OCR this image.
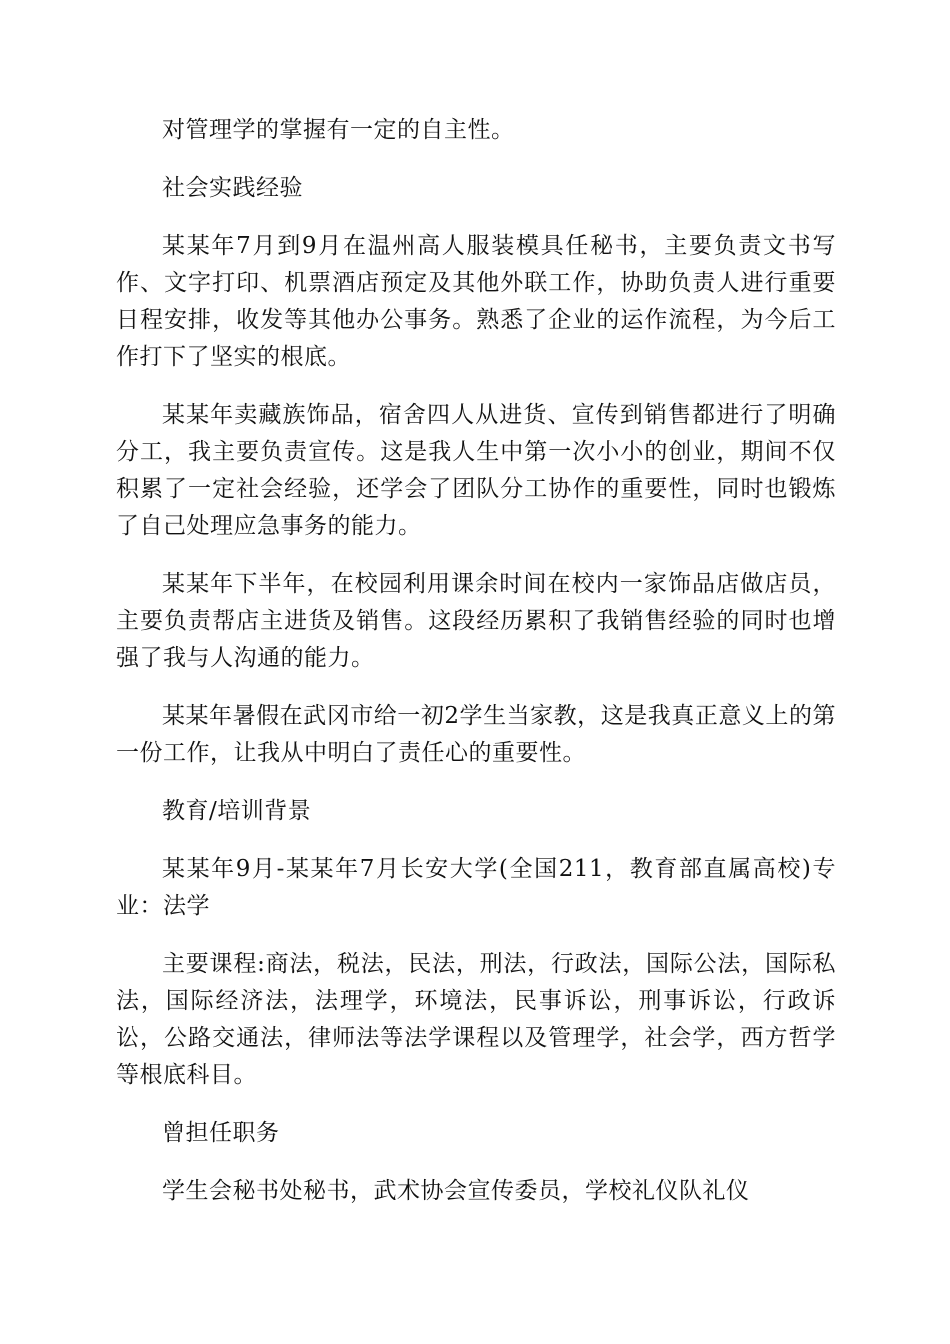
对管理学的掌握有一定的自主性。

社会实践经验

某某年7月到9月在温州高人服装模具任秘书，主要负责文书写作、文字打印、机票酒店预定及其他外联工作，协助负责人进行重要日程安排，收发等其他办公事务。熟悉了企业的运作流程，为今后工作打下了坚实的根底。

某某年卖藏族饰品，宿舍四人从进货、宣传到销售都进行了明确分工，我主要负责宣传。这是我人生中第一次小小的创业，期间不仅积累了一定社会经验，还学会了团队分工协作的重要性，同时也锻炼了自己处理应急事务的能力。

某某年下半年，在校园利用课余时间在校内一家饰品店做店员，主要负责帮店主进货及销售。这段经历累积了我销售经验的同时也增强了我与人沟通的能力。

某某年暑假在武冈市给一初2学生当家教，这是我真正意义上的第一份工作，让我从中明白了责任心的重要性。

教育/培训背景

某某年9月-某某年7月长安大学(全国211，教育部直属高校)专业：法学

主要课程:商法，税法，民法，刑法，行政法，国际公法，国际私法，国际经济法，法理学，环境法，民事诉讼，刑事诉讼，行政诉讼，公路交通法，律师法等法学课程以及管理学，社会学，西方哲学等根底科目。

曾担任职务

学生会秘书处秘书，武术协会宣传委员，学校礼仪队礼仪
